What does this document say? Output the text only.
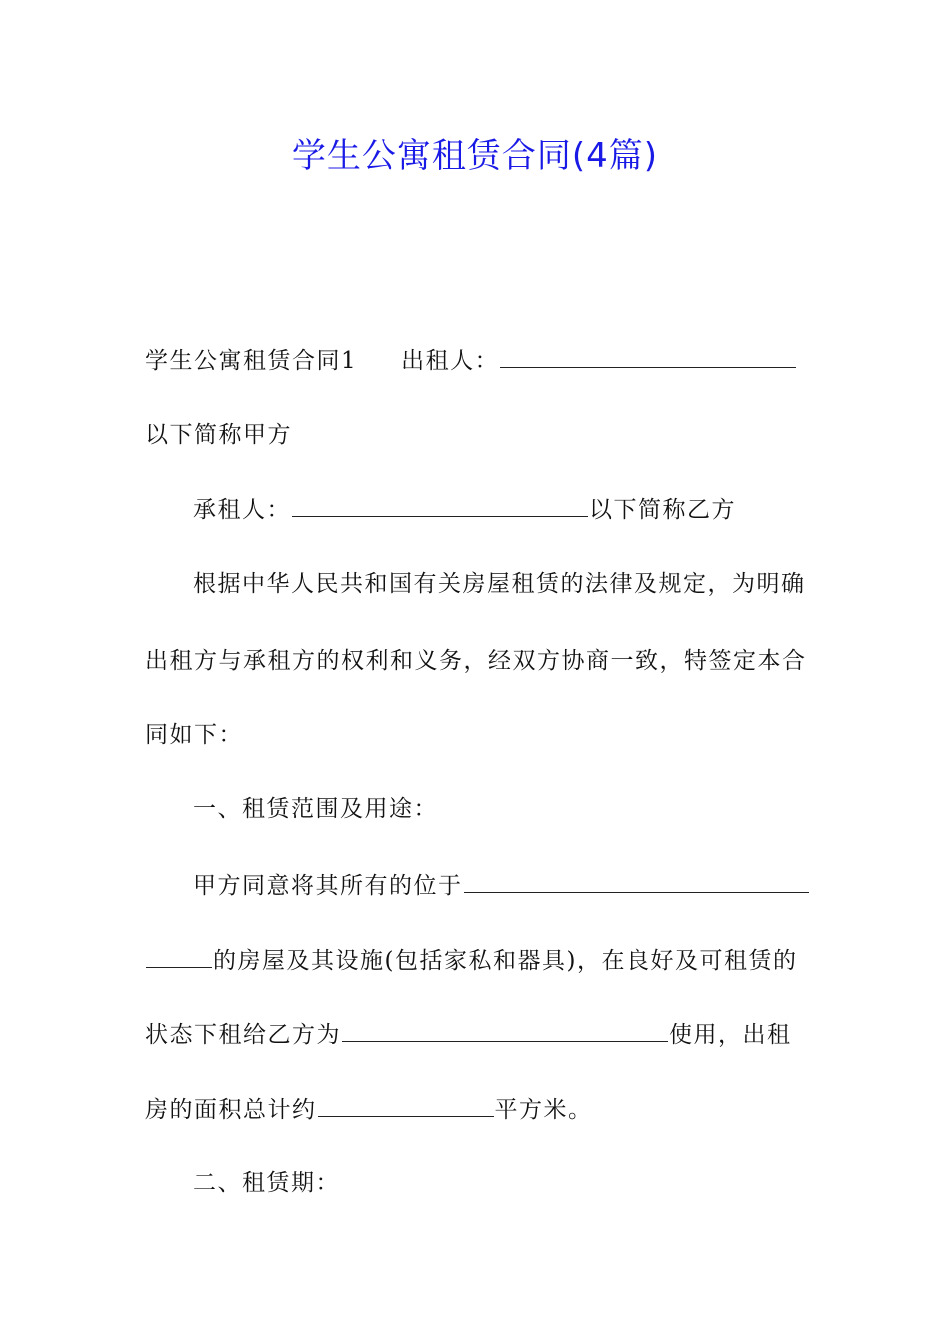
学生公寓租赁合同(4篇)
学生公寓租赁合同1 出租人：
以下简称甲方
承租人：	以下简称乙方
根据中华人民共和国有关房屋租赁的法律及规定，为明确
出租方与承租方的权利和义务，经双方协商一致，特签定本合
同如下：
一、租赁范围及用途：
甲方同意将其所有的位于
的房屋及其设施(包括家私和器具)，在良好及可租赁的
状态下租给乙方为	使用，出租
房的面积总计约	平方米。
二、租赁期：
